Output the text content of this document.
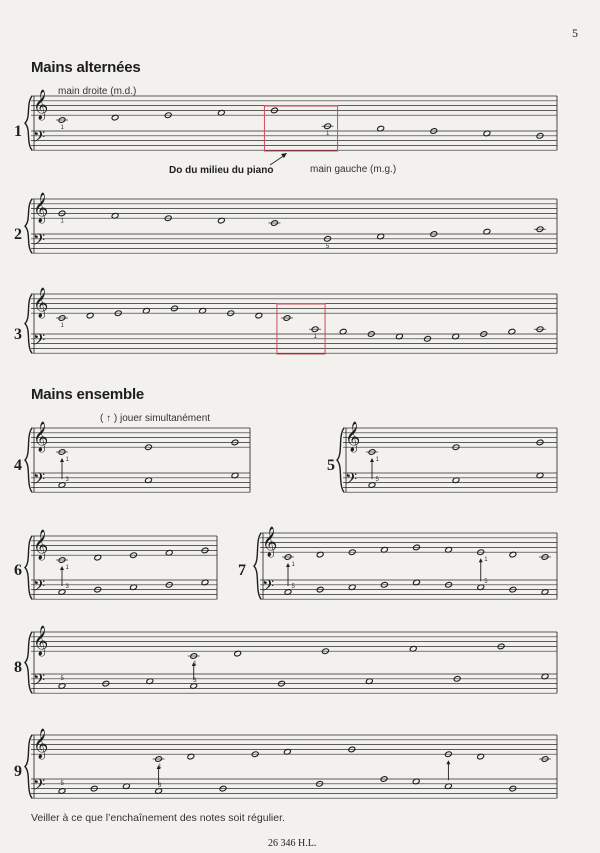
𝄞
𝄢
1	1
1
𝄞
𝄢
2
1
5
𝄞
𝄢
3	1
1
𝄞
𝄢
4	1
3
𝄞
𝄢
5	1
5
𝄞
𝄢
6	1
3
𝄞
𝄢
7	1
5
1
5
𝄞
𝄢
8
5
1
3
𝄞
𝄢
9
5
1
3
5
Mains alternées
Mains ensemble
main droite (m.d.)
Do du milieu du piano	main gauche (m.g.)
( ↑ ) jouer simultanément
Veiller à ce que l’enchaînement des notes soit régulier.
26 346 H.L.
